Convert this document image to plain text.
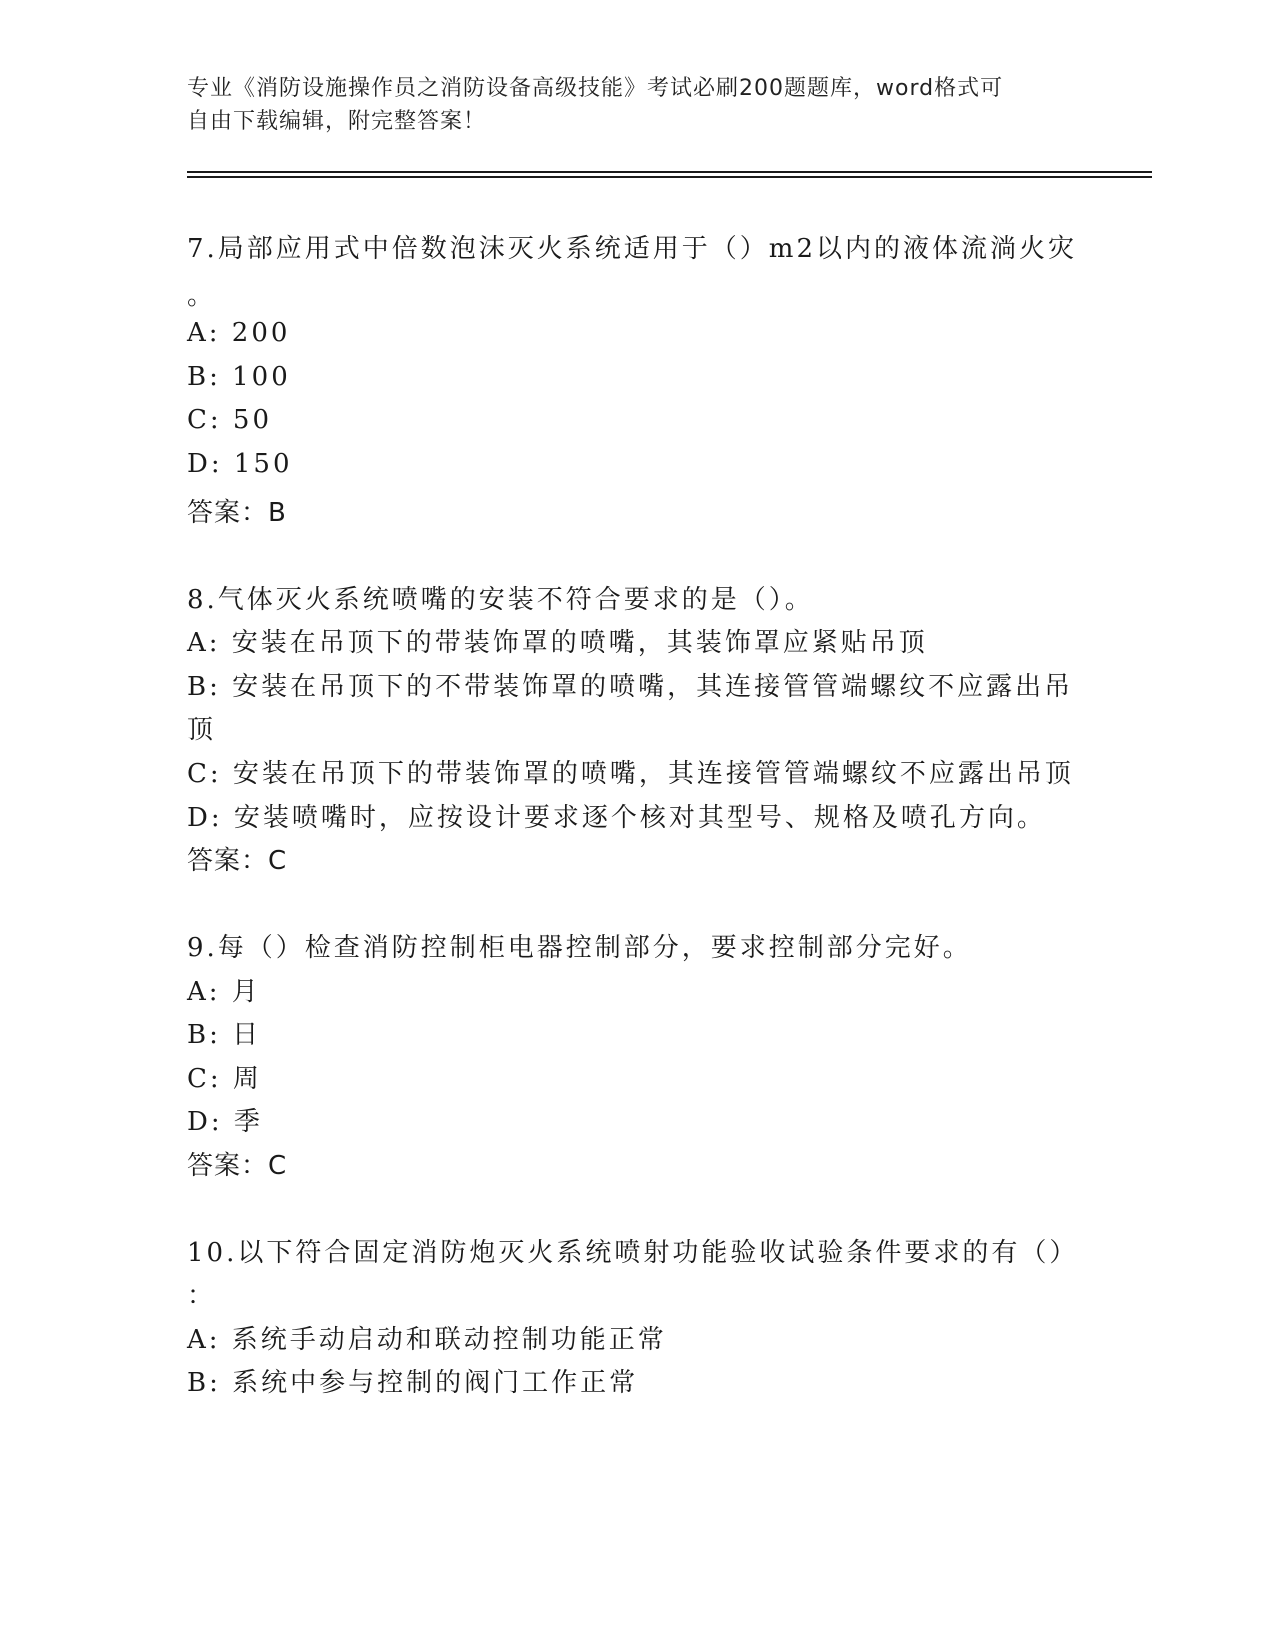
专业《消防设施操作员之消防设备高级技能》考试必刷200题题库，word格式可
自由下载编辑，附完整答案！
7.局部应用式中倍数泡沫灭火系统适用于（）m2以内的液体流淌火灾
。
A: 200
B: 100
C: 50
D: 150
答案：B
8.气体灭火系统喷嘴的安装不符合要求的是（）。
A: 安装在吊顶下的带装饰罩的喷嘴，其装饰罩应紧贴吊顶
B: 安装在吊顶下的不带装饰罩的喷嘴，其连接管管端螺纹不应露出吊
顶
C: 安装在吊顶下的带装饰罩的喷嘴，其连接管管端螺纹不应露出吊顶
D: 安装喷嘴时，应按设计要求逐个核对其型号、规格及喷孔方向。
答案：C
9.每（）检查消防控制柜电器控制部分，要求控制部分完好。
A: 月
B: 日
C: 周
D: 季
答案：C
10.以下符合固定消防炮灭火系统喷射功能验收试验条件要求的有（）
：
A: 系统手动启动和联动控制功能正常
B: 系统中参与控制的阀门工作正常
